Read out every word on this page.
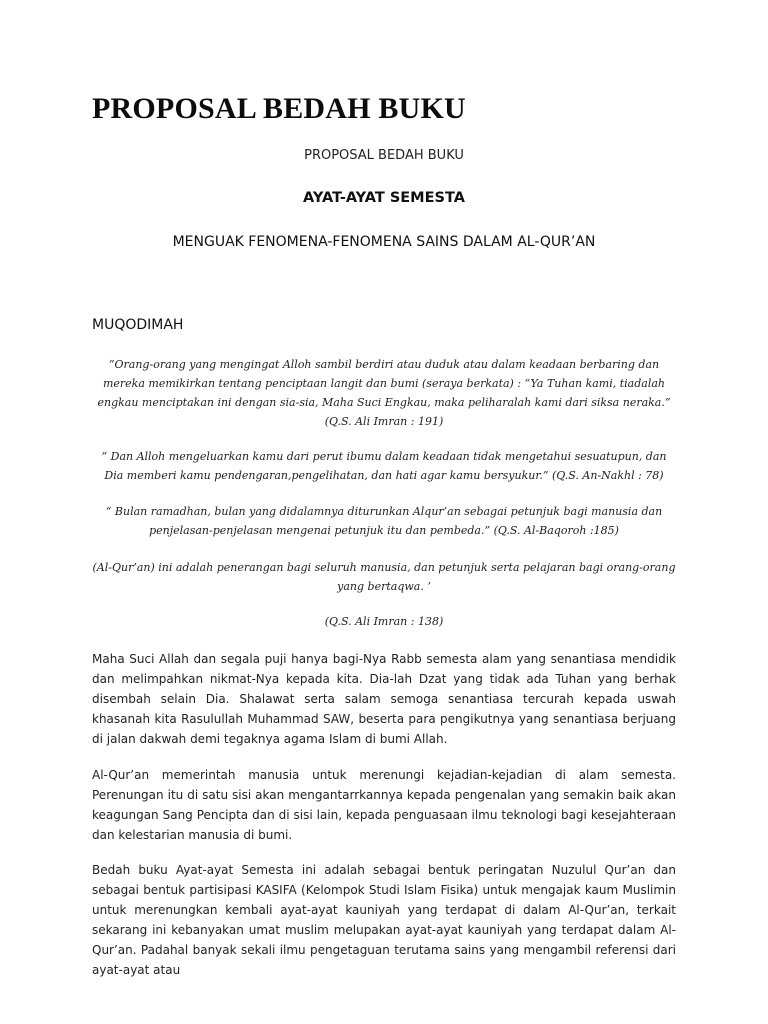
PROPOSAL BEDAH BUKU
PROPOSAL BEDAH BUKU
AYAT-AYAT SEMESTA
MENGUAK FENOMENA-FENOMENA SAINS DALAM AL-QUR’AN
MUQODIMAH

“Orang-orang yang mengingat Alloh sambil berdiri atau duduk atau dalam keadaan berbaring dan mereka memikirkan tentang penciptaan langit dan bumi (seraya berkata) : “Ya Tuhan kami, tiadalah engkau menciptakan ini dengan sia-sia, Maha Suci Engkau, maka peliharalah kami dari siksa neraka.” (Q.S. Ali Imran : 191)

“ Dan Alloh mengeluarkan kamu dari perut ibumu dalam keadaan tidak mengetahui sesuatupun, dan Dia memberi kamu pendengaran,pengelihatan, dan hati agar kamu bersyukur.” (Q.S. An-Nakhl : 78)

“ Bulan ramadhan, bulan yang didalamnya diturunkan Alqur’an sebagai petunjuk bagi manusia dan penjelasan-penjelasan mengenai petunjuk itu dan pembeda.” (Q.S. Al-Baqoroh :185)

(Al-Qur’an) ini adalah penerangan bagi seluruh manusia, dan petunjuk serta pelajaran bagi orang-orang yang bertaqwa. ’

(Q.S. Ali Imran : 138)

Maha Suci Allah dan segala puji hanya bagi-Nya Rabb semesta alam yang senantiasa mendidik dan melimpahkan nikmat-Nya kepada kita. Dia-lah Dzat yang tidak ada Tuhan yang berhak disembah selain Dia. Shalawat serta salam semoga senantiasa tercurah kepada uswah khasanah kita Rasulullah Muhammad SAW, beserta para pengikutnya yang senantiasa berjuang di jalan dakwah demi tegaknya agama Islam di bumi Allah.

Al-Qur’an memerintah manusia untuk merenungi kejadian-kejadian di alam semesta. Perenungan itu di satu sisi akan mengantarrkannya kepada pengenalan yang semakin baik akan keagungan Sang Pencipta dan di sisi lain, kepada penguasaan ilmu teknologi bagi kesejahteraan dan kelestarian manusia di bumi.

Bedah buku Ayat-ayat Semesta ini adalah sebagai bentuk peringatan Nuzulul Qur’an dan sebagai bentuk partisipasi KASIFA (Kelompok Studi Islam Fisika) untuk mengajak kaum Muslimin untuk merenungkan kembali ayat-ayat kauniyah yang terdapat di dalam Al-Qur’an, terkait sekarang ini kebanyakan umat muslim melupakan ayat-ayat kauniyah yang terdapat dalam Al-Qur’an. Padahal banyak sekali ilmu pengetaguan terutama sains yang mengambil referensi dari ayat-ayat atau
